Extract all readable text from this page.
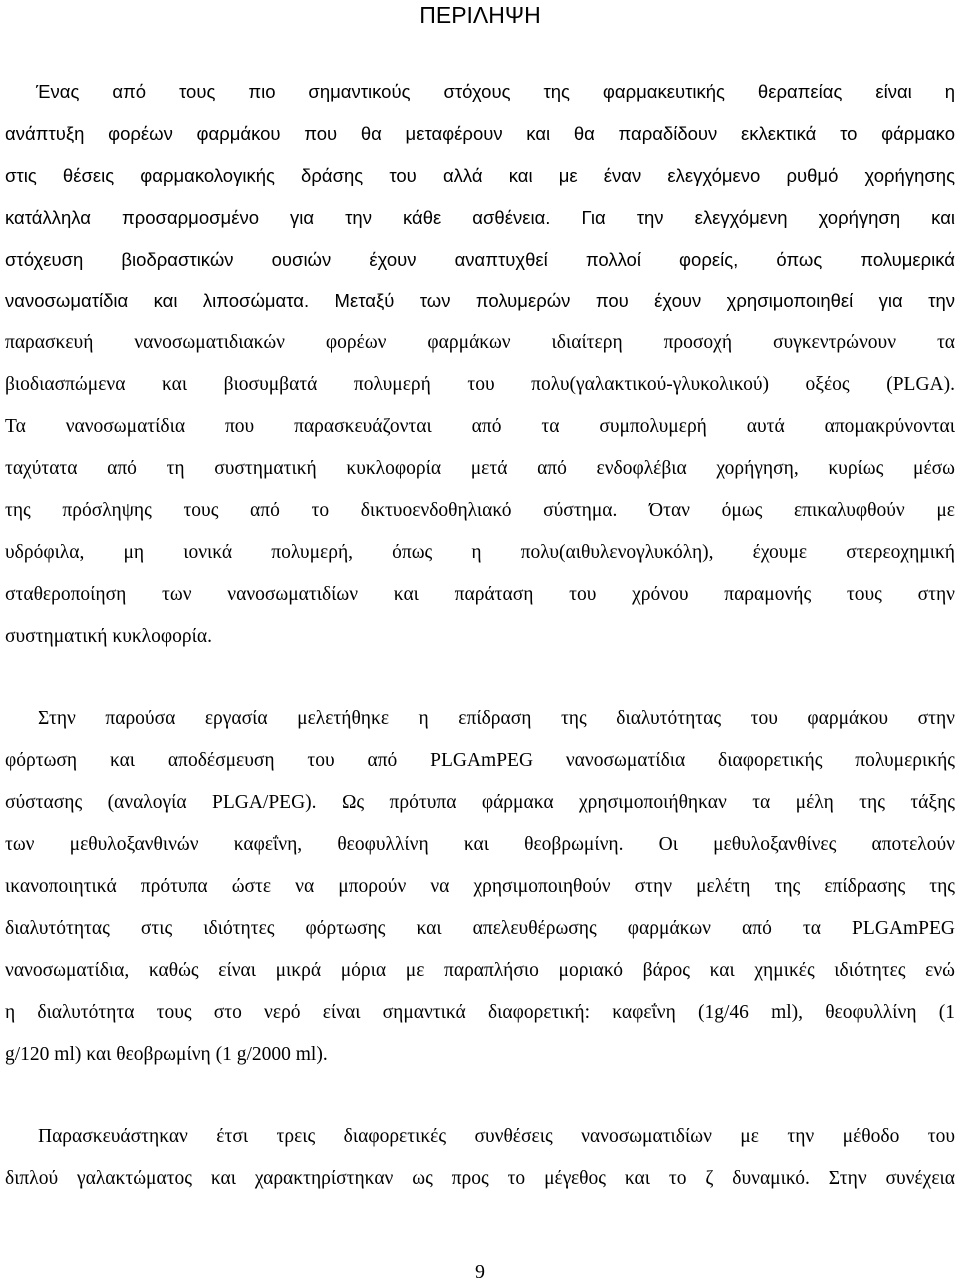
ΠΕΡΙΛΗΨΗ
Ένας από τους πιο σημαντικούς στόχους της φαρμακευτικής θεραπείας είναι η
ανάπτυξη φορέων φαρμάκου που θα μεταφέρουν και θα παραδίδουν εκλεκτικά το φάρμακο
στις θέσεις φαρμακολογικής δράσης του αλλά και με έναν ελεγχόμενο ρυθμό χορήγησης
κατάλληλα προσαρμοσμένο για την κάθε ασθένεια. Για την ελεγχόμενη χορήγηση και
στόχευση βιοδραστικών ουσιών έχουν αναπτυχθεί πολλοί φορείς, όπως πολυμερικά
νανοσωματίδια και λιποσώματα. Μεταξύ των πολυμερών που έχουν χρησιμοποιηθεί για την
παρασκευή νανοσωματιδιακών φορέων φαρμάκων ιδιαίτερη προσοχή συγκεντρώνουν τα
βιοδιασπώμενα και βιοσυμβατά πολυμερή του πολυ(γαλακτικού-γλυκολικού) οξέος (PLGA).
Τα νανοσωματίδια που παρασκευάζονται από τα συμπολυμερή αυτά απομακρύνονται
ταχύτατα από τη συστηματική κυκλοφορία μετά από ενδοφλέβια χορήγηση, κυρίως μέσω
της πρόσληψης τους από το δικτυοενδοθηλιακό σύστημα. Όταν όμως επικαλυφθούν με
υδρόφιλα, μη ιονικά πολυμερή, όπως η πολυ(αιθυλενογλυκόλη), έχουμε στερεοχημική
σταθεροποίηση των νανοσωματιδίων και παράταση του χρόνου παραμονής τους στην
συστηματική κυκλοφορία.
Στην παρούσα εργασία μελετήθηκε η επίδραση της διαλυτότητας του φαρμάκου στην
φόρτωση και αποδέσμευση του από PLGAmPEG νανοσωματίδια διαφορετικής πολυμερικής
σύστασης (αναλογία PLGA/PEG). Ως πρότυπα φάρμακα χρησιμοποιήθηκαν τα μέλη της τάξης
των μεθυλοξανθινών καφεΐνη, θεοφυλλίνη και θεοβρωμίνη. Οι μεθυλοξανθίνες αποτελούν
ικανοποιητικά πρότυπα ώστε να μπορούν να χρησιμοποιηθούν στην μελέτη της επίδρασης της
διαλυτότητας στις ιδιότητες φόρτωσης και απελευθέρωσης φαρμάκων από τα PLGAmPEG
νανοσωματίδια, καθώς είναι μικρά μόρια με παραπλήσιο μοριακό βάρος και χημικές ιδιότητες ενώ
η διαλυτότητα τους στο νερό είναι σημαντικά διαφορετική: καφεΐνη (1g/46 ml), θεοφυλλίνη (1
g/120 ml) και θεοβρωμίνη (1 g/2000 ml).
Παρασκευάστηκαν έτσι τρεις διαφορετικές συνθέσεις νανοσωματιδίων με την μέθοδο του
διπλού γαλακτώματος και χαρακτηρίστηκαν ως προς το μέγεθος και το ζ δυναμικό. Στην συνέχεια
9
